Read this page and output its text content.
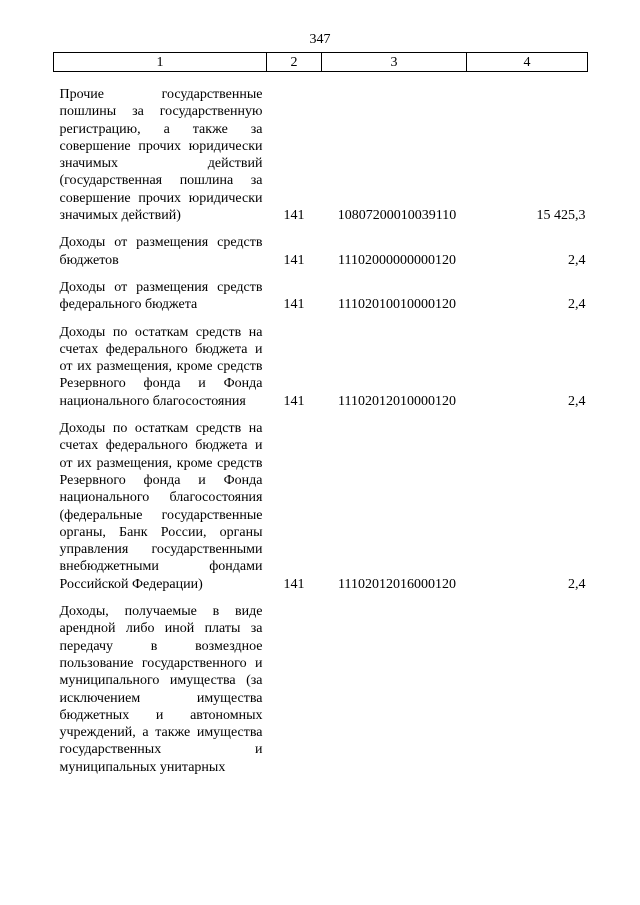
347
1	2	3	4
Прочие государственные пошлины за государственную регистрацию, а также за совершение прочих юридически значимых действий (государственная пошлина за совершение прочих юридически значимых действий)	141	10807200010039110	15 425,3
Доходы от размещения средств бюджетов	141	11102000000000120	2,4
Доходы от размещения средств федерального бюджета	141	11102010010000120	2,4
Доходы по остаткам средств на счетах федерального бюджета и от их размещения, кроме средств Резервного фонда и Фонда национального благосостояния	141	11102012010000120	2,4
Доходы по остаткам средств на счетах федерального бюджета и от их размещения, кроме средств Резервного фонда и Фонда национального благосостояния (федеральные государственные органы, Банк России, органы управления государственными внебюджетными фондами Российской Федерации)	141	11102012016000120	2,4
Доходы, получаемые в виде арендной либо иной платы за передачу в возмездное пользование государственного и муниципального имущества (за исключением имущества бюджетных и автономных учреждений, а также имущества государственных и муниципальных унитарных			
